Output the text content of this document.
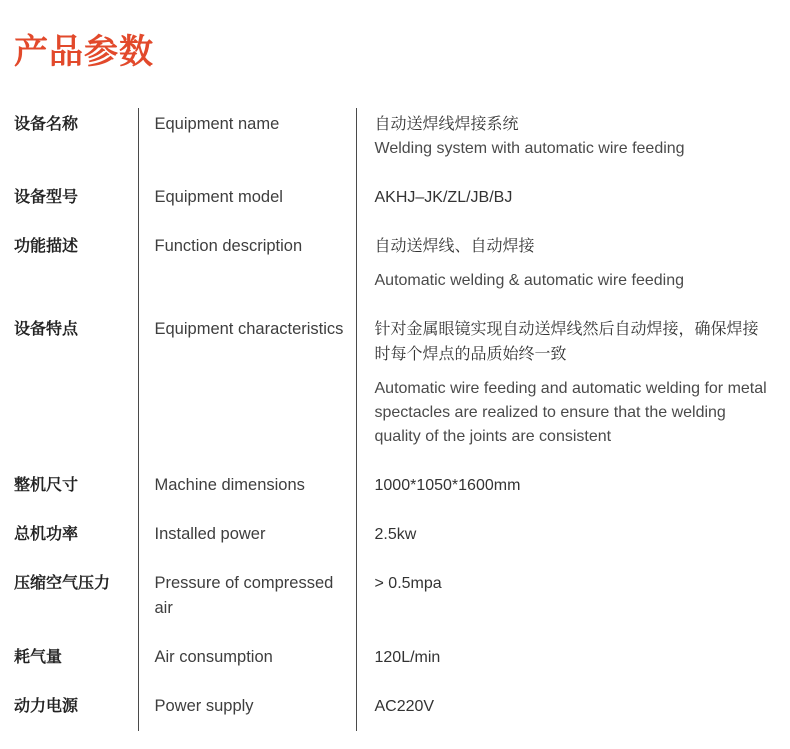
产品参数
设备名称	Equipment name	自动送焊线焊接系统
Welding system with automatic wire feeding

设备型号	Equipment model	AKHJ–JK/ZL/JB/BJ

功能描述	Function description	自动送焊线、自动焊接
Automatic welding & automatic wire feeding

设备特点	Equipment characteristics	针对金属眼镜实现自动送焊线然后自动焊接，确保焊接时每个焊点的品质始终一致
Automatic wire feeding and automatic welding for metal spectacles are realized to ensure that the welding quality of the joints are consistent

整机尺寸	Machine dimensions	1000*1050*1600mm

总机功率	Installed power	2.5kw

压缩空气压力	Pressure of compressed air	> 0.5mpa

耗气量	Air consumption	120L/min

动力电源	Power supply	AC220V
